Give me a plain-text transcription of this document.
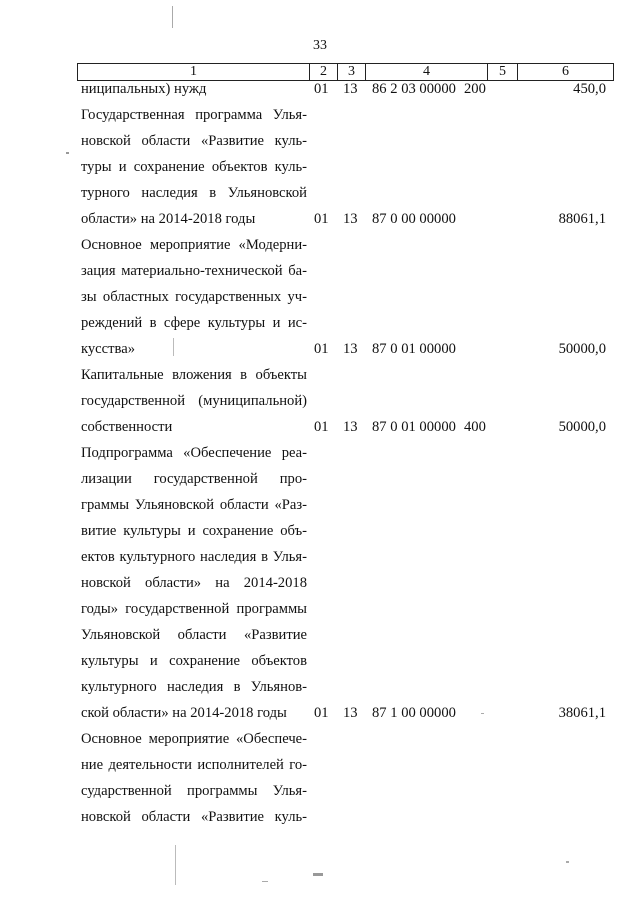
33
1	2	3	4	5	6
ниципальных) нужд	01 13 86 2 03 00000 200	450,0
Государственная программа Улья-
новской области «Развитие куль-
туры и сохранение объектов куль-
турного наследия в Ульяновской
области» на 2014-2018 годы	01 13 87 0 00 00000	88061,1
Основное мероприятие «Модерни-
зация материально-технической ба-
зы областных государственных уч-
реждений в сфере культуры и ис-
кусства»	01 13 87 0 01 00000	50000,0
Капитальные вложения в объекты
государственной (муниципальной)
собственности	01 13 87 0 01 00000 400	50000,0
Подпрограмма «Обеспечение реа-
лизации государственной про-
граммы Ульяновской области «Раз-
витие культуры и сохранение объ-
ектов культурного наследия в Улья-
новской области» на 2014-2018
годы» государственной программы
Ульяновской области «Развитие
культуры и сохранение объектов
культурного наследия в Ульянов-
ской области» на 2014-2018 годы 01 13 87 1 00 00000	38061,1
Основное мероприятие «Обеспече-
ние деятельности исполнителей го-
сударственной программы Улья-
новской области «Развитие куль-
